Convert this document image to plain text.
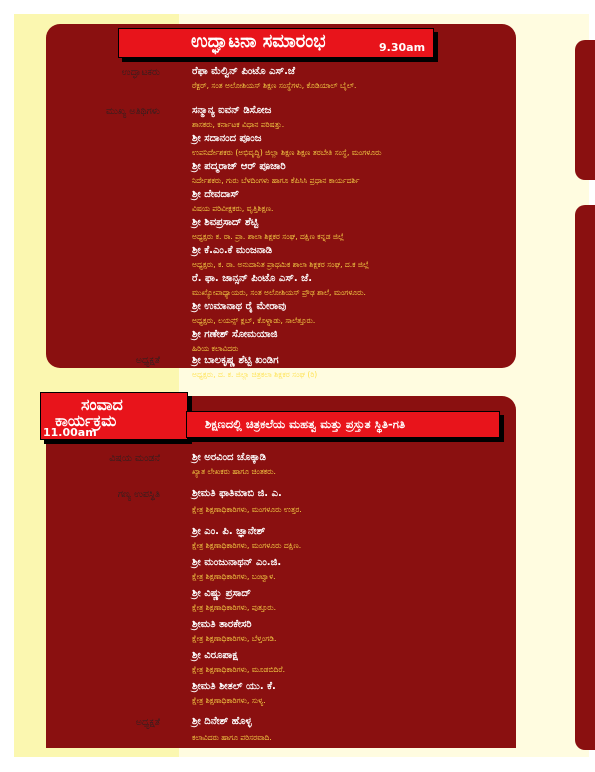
ಉದ್ಘಾಟನಾ ಸಮಾರಂಭ	9.30am
ಉದ್ಘಾಟಕರು	ರೆ‌ಫಾ ಮೆಲ್ವಿನ್ ಪಿಂಟೊ ಎಸ್.ಜೆ
ರೆಕ್ಟರ್, ಸಂತ ಅಲೋಶಿಯಸ್ ಶಿಕ್ಷಣ ಸಂಸ್ಥೆಗಳು, ಕೊಡಿಯಾಲ್ ಬೈಲ್.
ಮುಖ್ಯ ಅತಿಥಿಗಳು	ಸನ್ಮಾನ್ಯ ಐವನ್ ಡಿಸೋಜ
ಶಾಸಕರು, ಕರ್ನಾಟಕ ವಿಧಾನ ಪರಿಷತ್ತು.
ಶ್ರೀ ಸದಾನಂದ ಪೂಂಜ
ಉಪನಿರ್ದೇಶಕರು (ಅಭಿವೃದ್ಧಿ) ಜಿಲ್ಲಾ ಶಿಕ್ಷಣ ಶಿಕ್ಷಣ ತರಬೇತಿ ಸಂಸ್ಥೆ, ಮಂಗಳೂರು
ಶ್ರೀ ಪದ್ಮರಾಜ್ ಆರ್ ಪೂಜಾರಿ
ನಿರ್ದೇಶಕರು, ಗುರು ಬೆಳದಿಂಗಳು ಹಾಗೂ ಕೆಪಿಸಿಸಿ ಪ್ರಧಾನ ಕಾರ್ಯದರ್ಶಿ
ಶ್ರೀ ದೇವದಾಸ್
ವಿಷಯ ಪರಿವೀಕ್ಷಕರು, ವೃತ್ತಿಶಿಕ್ಷಣ.
ಶ್ರೀ ಶಿವಪ್ರಸಾದ್ ಶೆಟ್ಟಿ
ಅಧ್ಯಕ್ಷರು ಕ. ರಾ. ಪ್ರಾ. ಶಾಲಾ ಶಿಕ್ಷಕರ ಸಂಘ, ದಕ್ಷಿಣ ಕನ್ನಡ ಜಿಲ್ಲೆ
ಶ್ರೀ ಕೆ.ಎಂ.ಕೆ ಮಂಜನಾಡಿ
ಅಧ್ಯಕ್ಷರು, ಕ. ರಾ. ಅನುದಾನಿತ ಪ್ರಾಥಮಿಕ ಶಾಲಾ ಶಿಕ್ಷಕರ ಸಂಘ, ದ.ಕ ಜಿಲ್ಲೆ
ರೆ. ಫಾ. ಜಾನ್ಸನ್ ಪಿಂಟೊ ಎಸ್. ಜೆ.
ಮುಖ್ಯೋಪಾಧ್ಯಾಯರು, ಸಂತ ಅಲೋಶಿಯಸ್ ಪ್ರೌಢ ಶಾಲೆ, ಮಂಗಳೂರು.
ಶ್ರೀ ಉಮಾನಾಥ ರೈ ಮೇರಾವು
ಅಧ್ಯಕ್ಷರು, ಲಯನ್ಸ್ ಕ್ಲಬ್, ಕೊಳ್ನಾಡು, ಸಾಲೆತ್ತೂರು.
ಶ್ರೀ ಗಣೇಶ್ ಸೋಮಯಾಜಿ
ಹಿರಿಯ ಕಲಾವಿದರು
ಅಧ್ಯಕ್ಷತೆ	ಶ್ರೀ ಬಾಲಕೃಷ್ಣ ಶೆಟ್ಟಿ ಖಂಡಿಗ
ಅಧ್ಯಕ್ಷರು, ದ. ಕ. ಜಿಲ್ಲಾ ಚಿತ್ರಕಲಾ ಶಿಕ್ಷಕರ ಸಂಘ (ರಿ)
ಸಂವಾದ
ಕಾರ್ಯಕ್ರಮ
11.00am
ಶಿಕ್ಷಣದಲ್ಲಿ ಚಿತ್ರಕಲೆಯ ಮಹತ್ವ ಮತ್ತು ಪ್ರಸ್ತುತ ಸ್ಥಿತಿ-ಗತಿ
ವಿಷಯ ಮಂಡನೆ	ಶ್ರೀ ಅರವಿಂದ ಚೊಕ್ಕಾಡಿ
ಖ್ಯಾತ ಲೇಖಕರು ಹಾಗೂ ಚಿಂತಕರು.
ಗಣ್ಯ ಉಪಸ್ಥಿತಿ	ಶ್ರೀಮತಿ ಫಾತಿಮಾಬಿ ಜಿ. ಎ.
ಕ್ಷೇತ್ರ ಶಿಕ್ಷಣಾಧಿಕಾರಿಗಳು, ಮಂಗಳೂರು ಉತ್ತರ.
ಶ್ರೀ ಎಂ. ಪಿ. ಜ್ಞಾನೇಶ್
ಕ್ಷೇತ್ರ ಶಿಕ್ಷಣಾಧಿಕಾರಿಗಳು, ಮಂಗಳೂರು ದಕ್ಷಿಣ.
ಶ್ರೀ ಮಂಜುನಾಥನ್ ಎಂ.ಜಿ.
ಕ್ಷೇತ್ರ ಶಿಕ್ಷಣಾಧಿಕಾರಿಗಳು, ಬಂಟ್ವಾಳ.
ಶ್ರೀ ವಿಷ್ಣು ಪ್ರಸಾದ್
ಕ್ಷೇತ್ರ ಶಿಕ್ಷಣಾಧಿಕಾರಿಗಳು, ಪುತ್ತೂರು.
ಶ್ರೀಮತಿ ತಾರಕೇಸರಿ
ಕ್ಷೇತ್ರ ಶಿಕ್ಷಣಾಧಿಕಾರಿಗಳು, ಬೆಳ್ತಂಗಡಿ.
ಶ್ರೀ ವಿರೂಪಾಕ್ಷ
ಕ್ಷೇತ್ರ ಶಿಕ್ಷಣಾಧಿಕಾರಿಗಳು, ಮೂಡಬಿದಿರೆ.
ಶ್ರೀಮತಿ ಶೀತಲ್ ಯು. ಕೆ.
ಕ್ಷೇತ್ರ ಶಿಕ್ಷಣಾಧಿಕಾರಿಗಳು, ಸುಳ್ಯ.
ಅಧ್ಯಕ್ಷತೆ	ಶ್ರೀ ದಿನೇಶ್ ಹೊಳ್ಳ
ಕಲಾವಿದರು ಹಾಗೂ ಪರಿಸರವಾದಿ.
